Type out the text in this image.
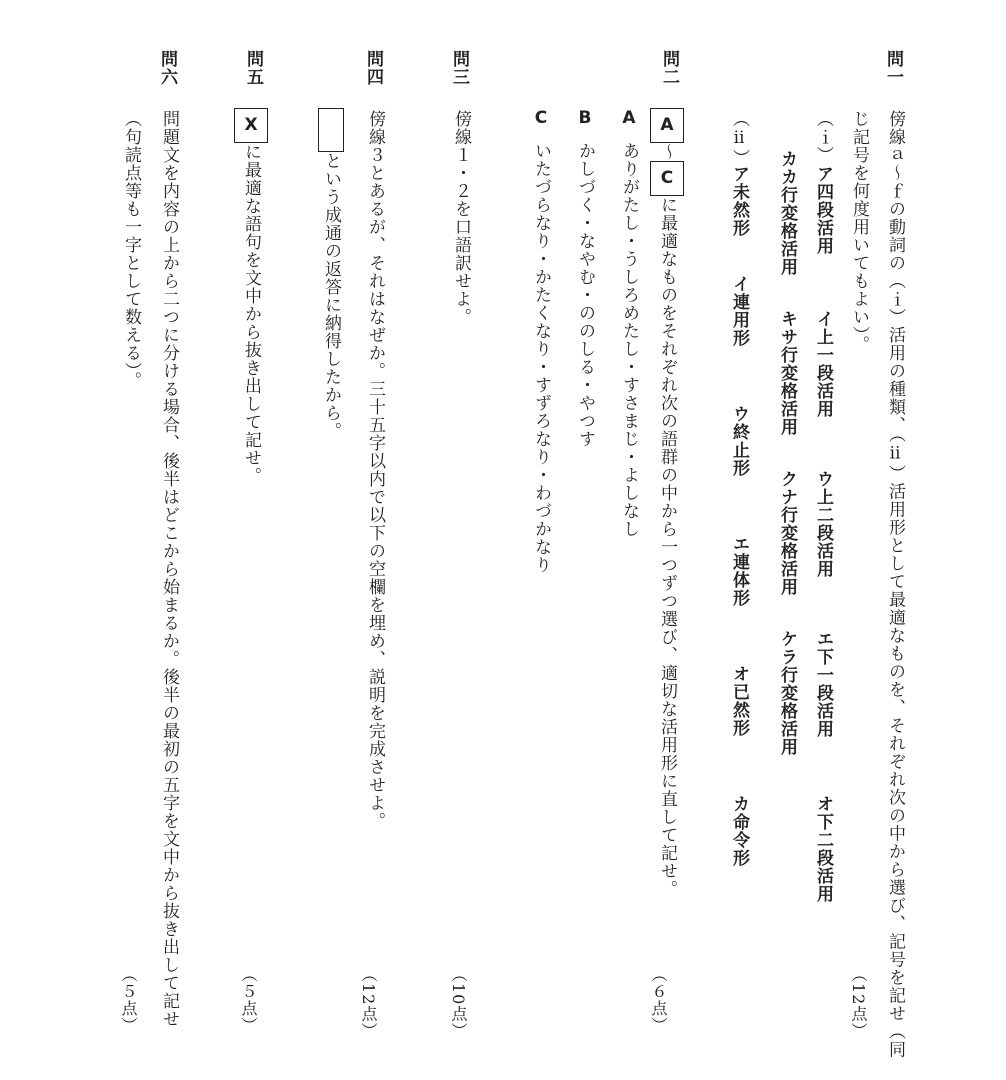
問一
傍線ａ～ｆの動詞の（ｉ）活用の種類、（ⅱ）活用形として最適なものを、それぞれ次の中から選び、記号を記せ（同
じ記号を何度用いてもよい）。
（12点）
（ｉ）
ア四段活用
イ上一段活用
ウ上二段活用
エ下一段活用
オ下二段活用
カカ行変格活用
キサ行変格活用
クナ行変格活用
ケラ行変格活用
（ⅱ）
ア未然形
イ連用形
ウ終止形
エ連体形
オ已然形
カ命令形
問二
A～Cに最適なものをそれぞれ次の語群の中から一つずつ選び、適切な活用形に直して記せ。
（６点）
A
ありがたし・うしろめたし・すさまじ・よしなし
B
かしづく・なやむ・ののしる・やつす
C
いたづらなり・かたくなり・すずろなり・わづかなり
問三
傍線１・２を口語訳せよ。
（10点）
問四
傍線３とあるが、それはなぜか。三十五字以内で以下の空欄を埋め、説明を完成させよ。
という成通の返答に納得したから。
（12点）
問五
Xに最適な語句を文中から抜き出して記せ。
（５点）
問六
問題文を内容の上から二つに分ける場合、後半はどこから始まるか。後半の最初の五字を文中から抜き出して記せ
（句読点等も一字として数える）。
（５点）
